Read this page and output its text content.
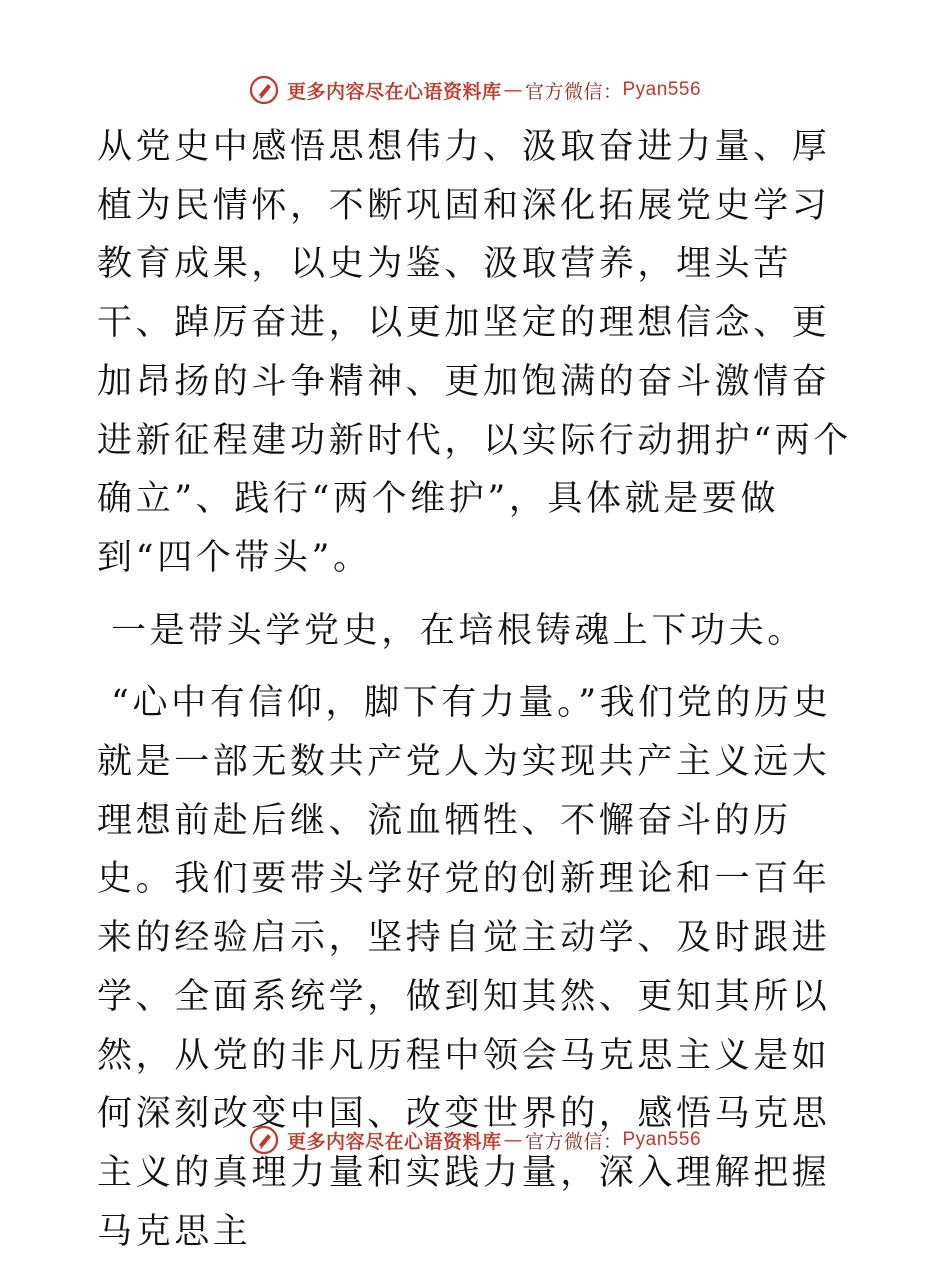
更多内容尽在心语资料库 — 官方微信： Pyan556

从党史中感悟思想伟力、汲取奋进力量、厚植为民情怀，不断巩固和深化拓展党史学习教育成果，以史为鉴、汲取营养，埋头苦干、踔厉奋进，以更加坚定的理想信念、更加昂扬的斗争精神、更加饱满的奋斗激情奋进新征程建功新时代，以实际行动拥护“两个确立”、践行“两个维护”，具体就是要做到“四个带头”。

一是带头学党史，在培根铸魂上下功夫。

“心中有信仰，脚下有力量。”我们党的历史就是一部无数共产党人为实现共产主义远大理想前赴后继、流血牺牲、不懈奋斗的历史。我们要带头学好党的创新理论和一百年来的经验启示，坚持自觉主动学、及时跟进学、全面系统学，做到知其然、更知其所以然，从党的非凡历程中领会马克思主义是如何深刻改变中国、改变世界的，感悟马克思主义的真理力量和实践力量，深入理解把握马克思主

更多内容尽在心语资料库 — 官方微信： Pyan556
